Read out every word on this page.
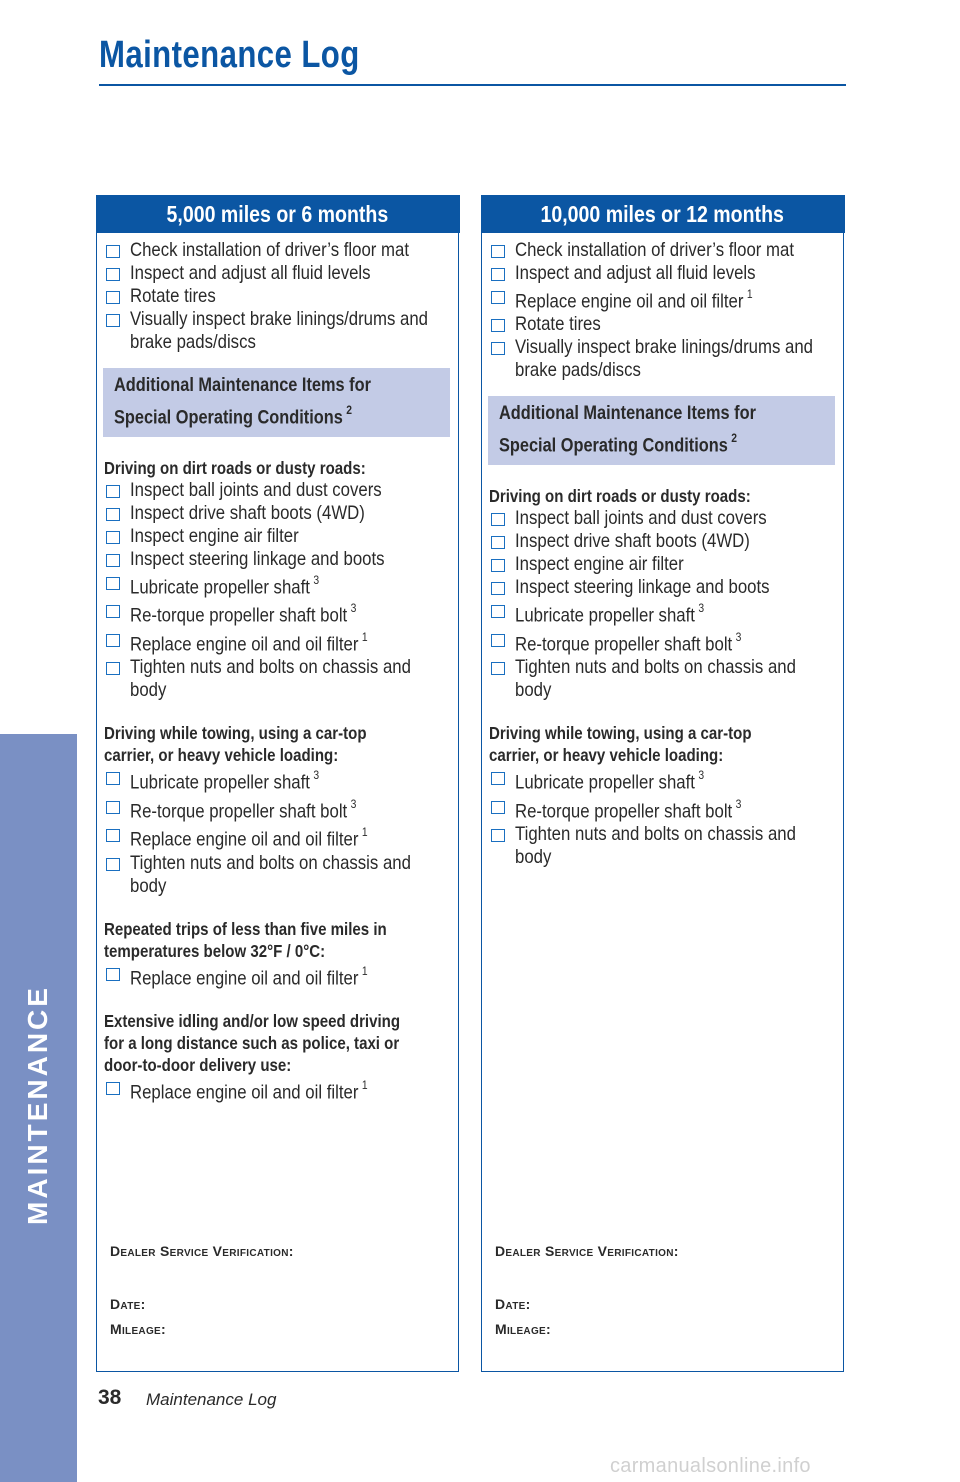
Maintenance Log
MAINTENANCE
5,000 miles or 6 months
Check installation of driver’s floor mat
Inspect and adjust all fluid levels
Rotate tires
Visually inspect brake linings/drums and
brake pads/discs
Additional Maintenance Items for
Special Operating Conditions $^2$
Driving on dirt roads or dusty roads:
Inspect ball joints and dust covers
Inspect drive shaft boots (4WD)
Inspect engine air filter
Inspect steering linkage and boots
Lubricate propeller shaft $^3$
Re-torque propeller shaft bolt $^3$
Replace engine oil and oil filter $^1$
Tighten nuts and bolts on chassis and
body
Driving while towing, using a car-top
carrier, or heavy vehicle loading:
Lubricate propeller shaft $^3$
Re-torque propeller shaft bolt $^3$
Replace engine oil and oil filter $^1$
Tighten nuts and bolts on chassis and
body
Repeated trips of less than five miles in
temperatures below 32°F / 0°C:
Replace engine oil and oil filter $^1$
Extensive idling and/or low speed driving
for a long distance such as police, taxi or
door-to-door delivery use:
Replace engine oil and oil filter $^1$
Dealer Service Verification:
Date:
Mileage:
10,000 miles or 12 months
Check installation of driver’s floor mat
Inspect and adjust all fluid levels
Replace engine oil and oil filter $^1$
Rotate tires
Visually inspect brake linings/drums and
brake pads/discs
Additional Maintenance Items for
Special Operating Conditions $^2$
Driving on dirt roads or dusty roads:
Inspect ball joints and dust covers
Inspect drive shaft boots (4WD)
Inspect engine air filter
Inspect steering linkage and boots
Lubricate propeller shaft $^3$
Re-torque propeller shaft bolt $^3$
Tighten nuts and bolts on chassis and
body
Driving while towing, using a car-top
carrier, or heavy vehicle loading:
Lubricate propeller shaft $^3$
Re-torque propeller shaft bolt $^3$
Tighten nuts and bolts on chassis and
body
Dealer Service Verification:
Date:
Mileage:
38 Maintenance Log
carmanualsonline.info
